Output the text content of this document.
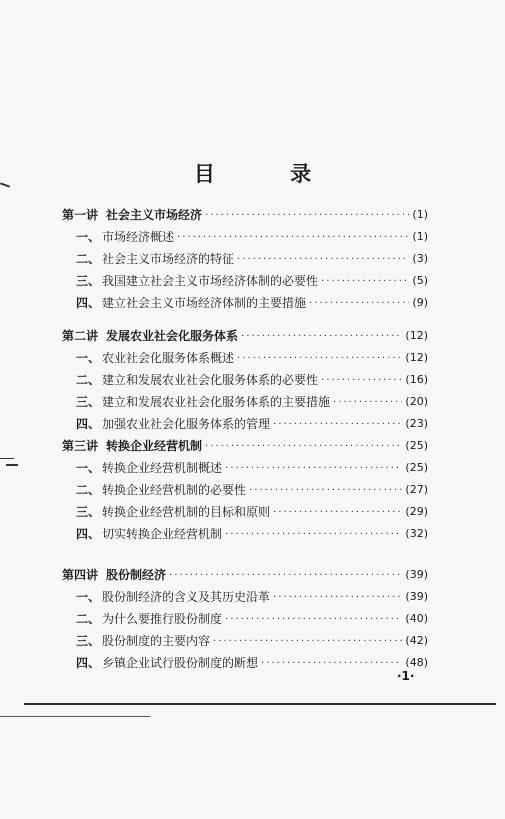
目 录
第一讲 社会主义市场经济 ·····	(1)
一、 市场经济概述 ·····	(1)
二、 社会主义市场经济的特征 ·····	(3)
三、 我国建立社会主义市场经济体制的必要性 ·····	(5)
四、 建立社会主义市场经济体制的主要措施 ·····	(9)
第二讲 发展农业社会化服务体系 ·····	(12)
一、 农业社会化服务体系概述 ·····	(12)
二、 建立和发展农业社会化服务体系的必要性 ·····	(16)
三、 建立和发展农业社会化服务体系的主要措施 ·····	(20)
四、 加强农业社会化服务体系的管理 ·····	(23)
第三讲 转换企业经营机制 ·····	(25)
一、 转换企业经营机制概述 ·····	(25)
二、 转换企业经营机制的必要性 ·····	(27)
三、 转换企业经营机制的目标和原则 ·····	(29)
四、 切实转换企业经营机制 ·····	(32)
第四讲 股份制经济 ·····	(39)
一、 股份制经济的含义及其历史沿革 ·····	(39)
二、 为什么要推行股份制度 ·····	(40)
三、 股份制度的主要内容 ·····	(42)
四、 乡镇企业试行股份制度的断想 ·····	(48)
·1·
